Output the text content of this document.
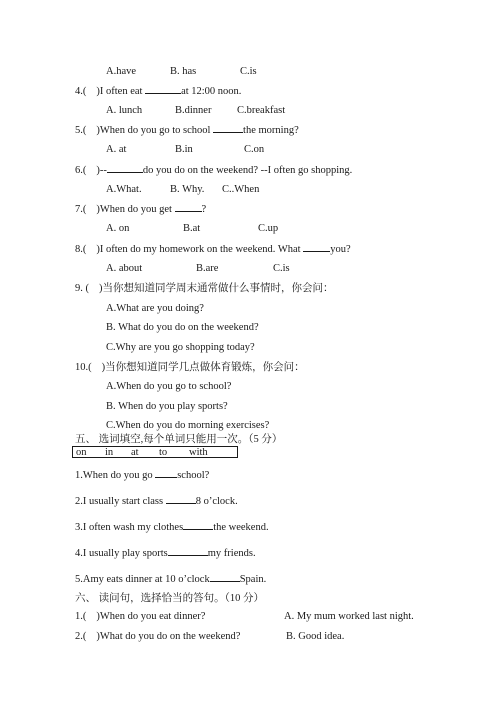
A.have	B. has	C.is
4.( )I often eat	at 12:00 noon.
A. lunch	B.dinner C.breakfast
5.( )When do you go to school	the morning?
A. at	B.in	C.on
6.( )--	do you do on the weekend? --I often go shopping.
A.What.	B. Why. C..When
7.( )When do you get	?
A. on	B.at	C.up
8.( )I often do my homework on the weekend. What	you?
A. about	B.are	C.is
9. ( )当你想知道同学周末通常做什么事情时，你会问：
A.What are you doing?
B. What do you do on the weekend?
C.Why are you go shopping today?
10.( )当你想知道同学几点做体育锻炼，你会问：
A.When do you go to school?
B. When do you play sports?
C.When do you do morning exercises?
五、 选词填空,每个单词只能用一次。（5 分）
on in at to with
1.When do you go school?
2.I usually start class	8 o’clock.
3.I often wash my clothes	the weekend.
4.I usually play sports	my friends.
5.Amy eats dinner at 10 o’clock	Spain.
六、 读问句，选择恰当的答句。（10 分）
1.( )When do you eat dinner?	A. My mum worked last night.
2.( )What do you do on the weekend?	B. Good idea.
